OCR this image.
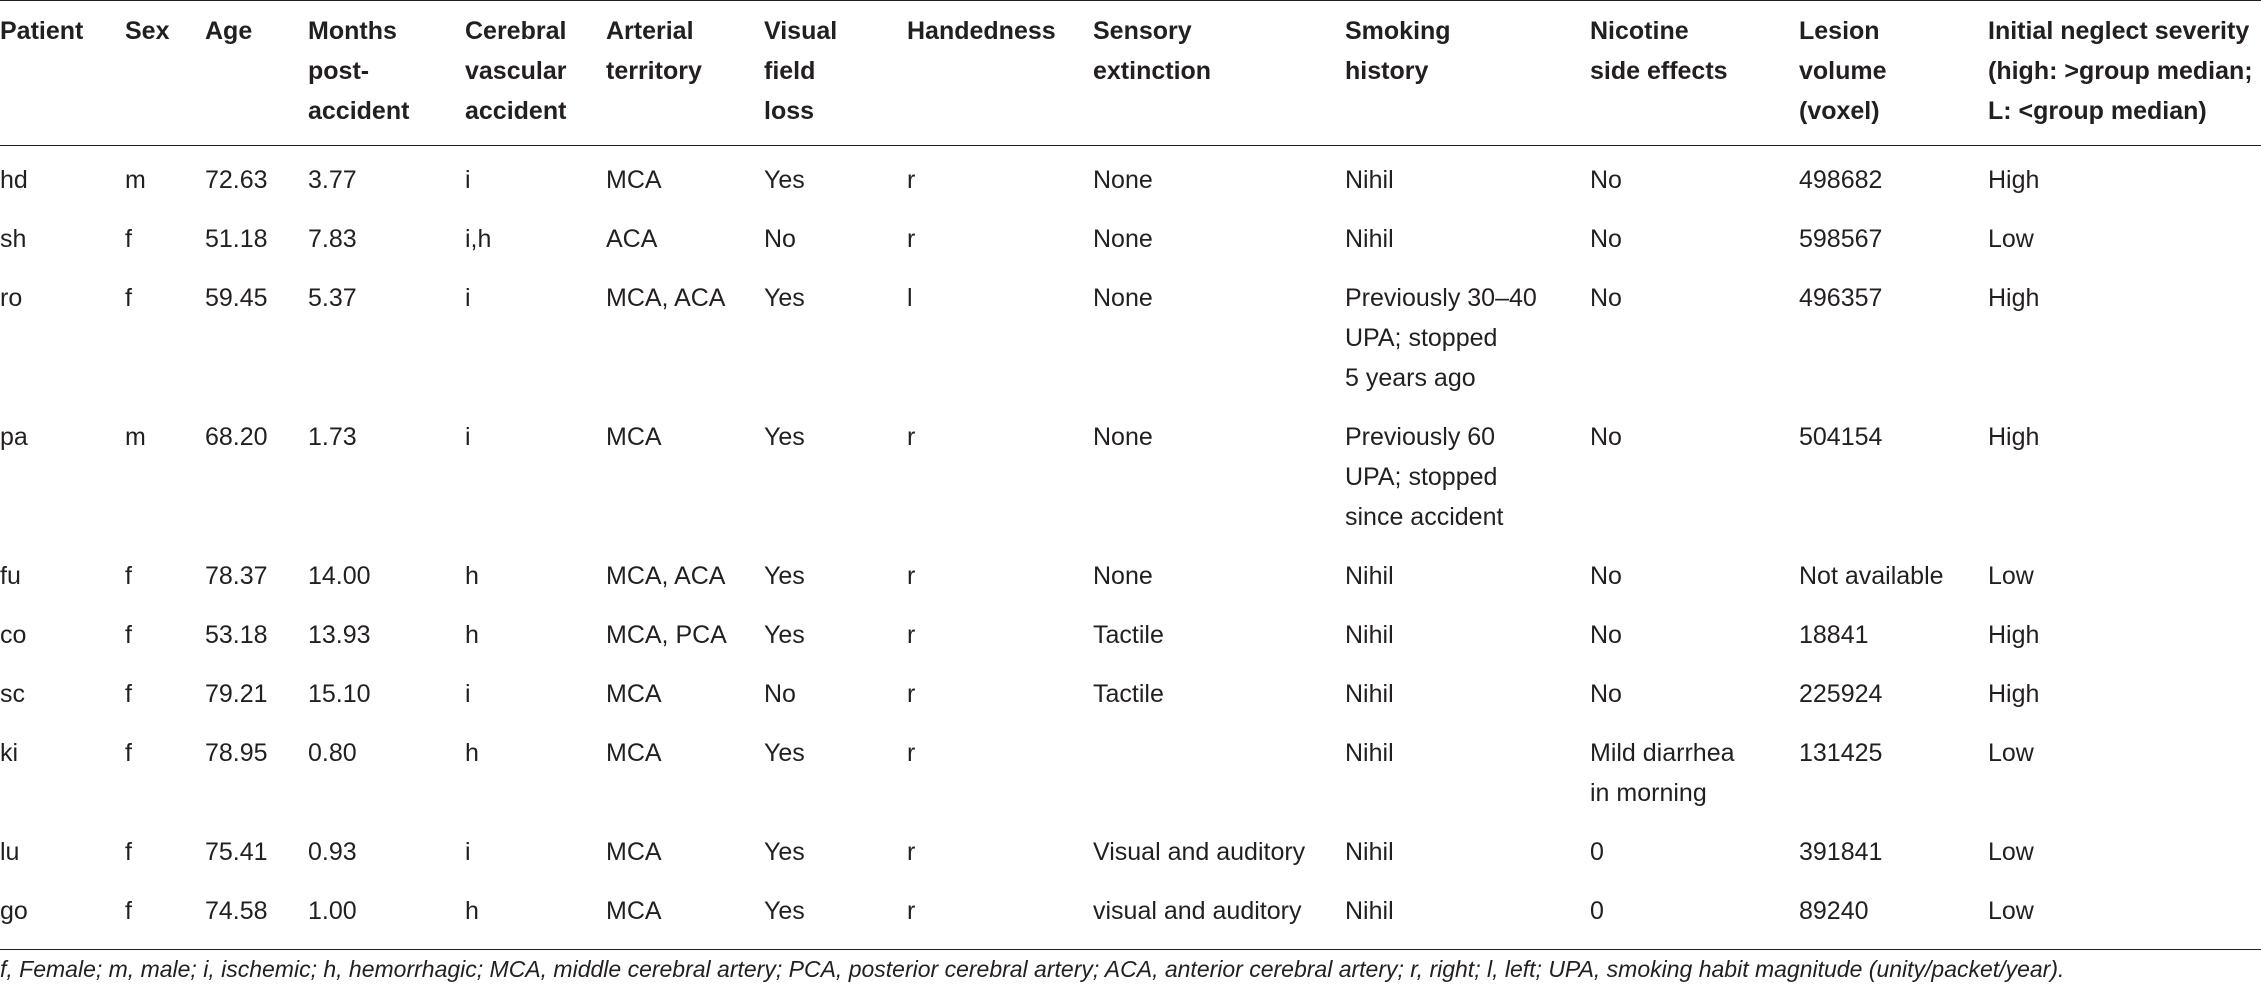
Patient	Sex	Age	Months
post-
accident	Cerebral
vascular
accident	Arterial
territory	Visual
field
loss	Handedness	Sensory
extinction	Smoking
history	Nicotine
side effects	Lesion
volume
(voxel)	Initial neglect severity
(high: >group median;
L: <group median)
hd	m	72.63	3.77	i	MCA	Yes	r	None	Nihil	No	498682	High
sh	f	51.18	7.83	i,h	ACA	No	r	None	Nihil	No	598567	Low
ro	f	59.45	5.37	i	MCA, ACA	Yes	l	None	Previously 30–40
UPA; stopped
5 years ago	No	496357	High
pa	m	68.20	1.73	i	MCA	Yes	r	None	Previously 60
UPA; stopped
since accident	No	504154	High
fu	f	78.37	14.00	h	MCA, ACA	Yes	r	None	Nihil	No	Not available	Low
co	f	53.18	13.93	h	MCA, PCA	Yes	r	Tactile	Nihil	No	18841	High
sc	f	79.21	15.10	i	MCA	No	r	Tactile	Nihil	No	225924	High
ki	f	78.95	0.80	h	MCA	Yes	r		Nihil	Mild diarrhea
in morning	131425	Low
lu	f	75.41	0.93	i	MCA	Yes	r	Visual and auditory	Nihil	0	391841	Low
go	f	74.58	1.00	h	MCA	Yes	r	visual and auditory	Nihil	0	89240	Low
f, Female; m, male; i, ischemic; h, hemorrhagic; MCA, middle cerebral artery; PCA, posterior cerebral artery; ACA, anterior cerebral artery; r, right; l, left; UPA, smoking habit magnitude (unity/packet/year).
